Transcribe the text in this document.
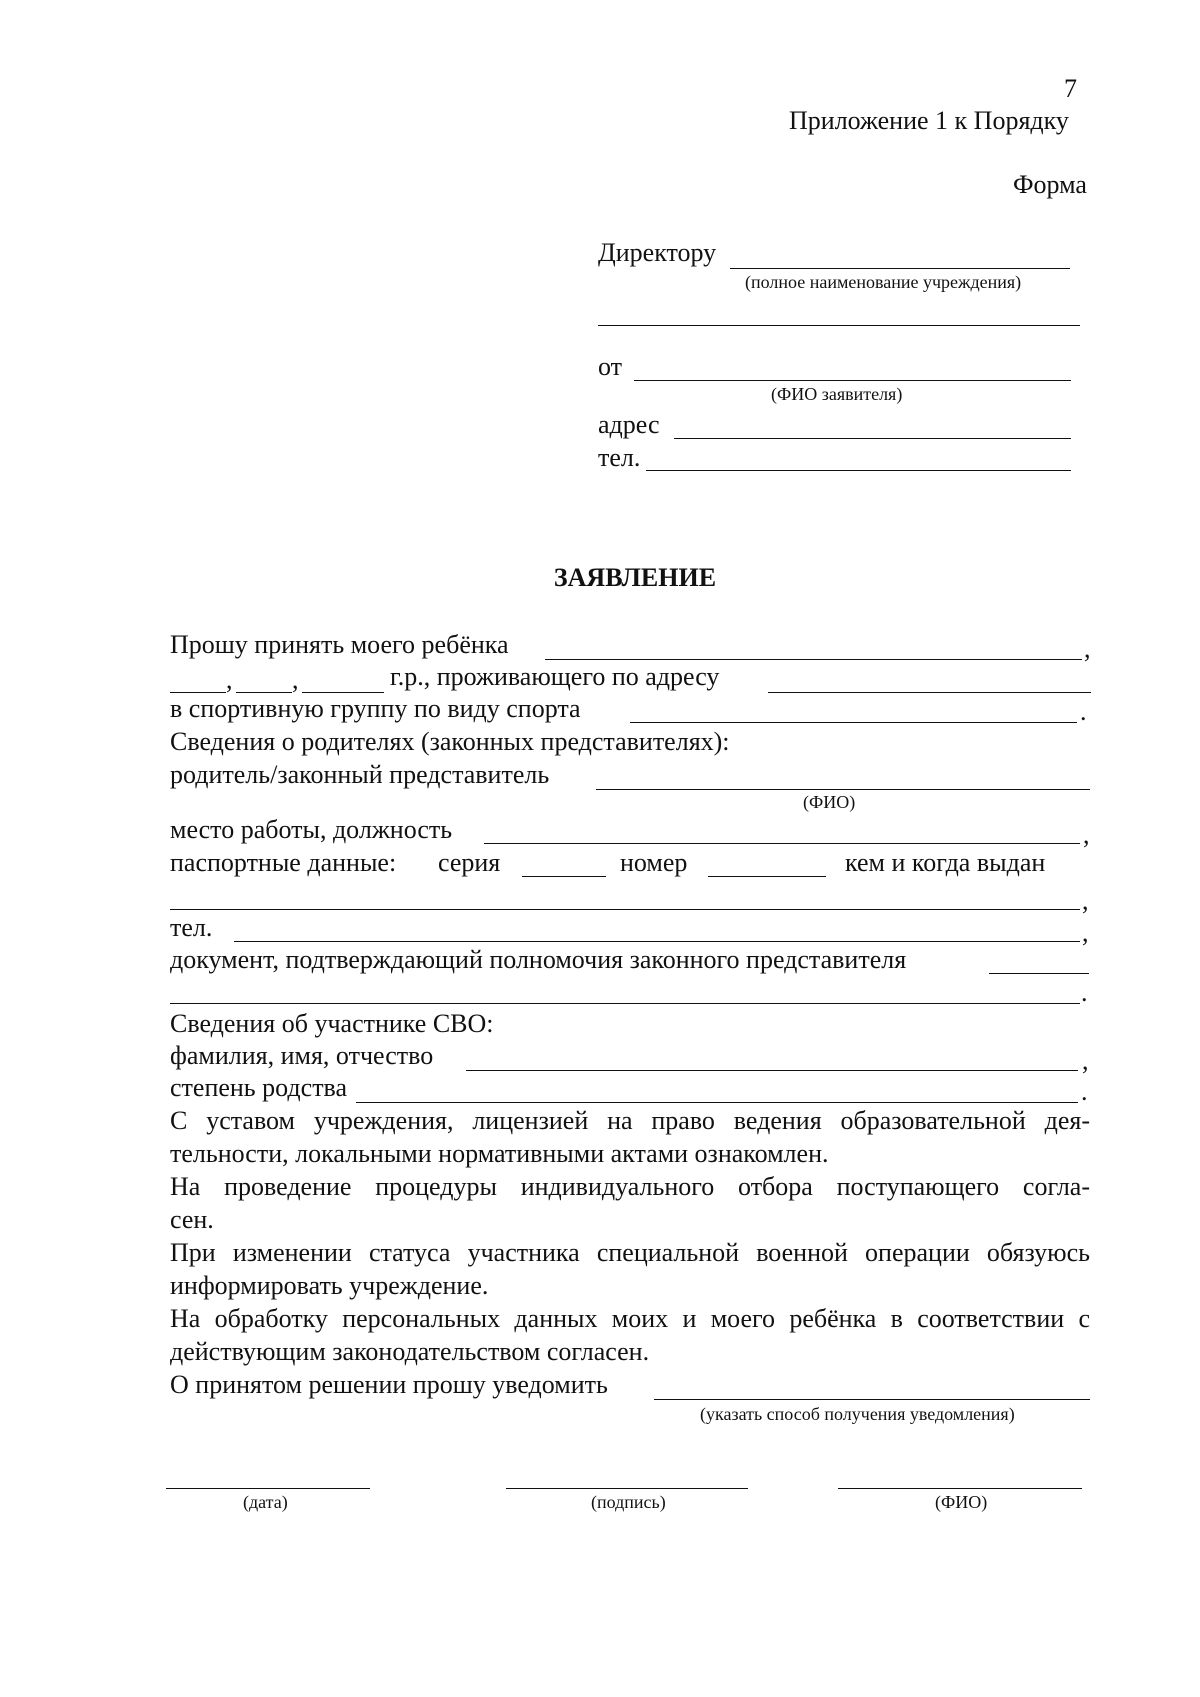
7
Приложение 1 к Порядку
Форма
Директору
(полное наименование учреждения)
от
(ФИО заявителя)
адрес
тел.
ЗАЯВЛЕНИЕ
Прошу принять моего ребёнка	,
, ,	г.р., проживающего по адресу
в спортивную группу по виду спорта	.
Сведения о родителях (законных представителях):
родитель/законный представитель
(ФИО)
место работы, должность	,
паспортные данные: серия	номер	кем и когда выдан
,
тел.	,
документ, подтверждающий полномочия законного представителя
.
Сведения об участнике СВО:
фамилия, имя, отчество	,
степень родства	.
С уставом учреждения, лицензией на право ведения образовательной дея-
тельности, локальными нормативными актами ознакомлен.
На проведение процедуры индивидуального отбора поступающего согла-
сен.
При изменении статуса участника специальной военной операции обязуюсь
информировать учреждение.
На обработку персональных данных моих и моего ребёнка в соответствии с
действующим законодательством согласен.
О принятом решении прошу уведомить
(указать способ получения уведомления)
(дата)	(подпись)	(ФИО)
